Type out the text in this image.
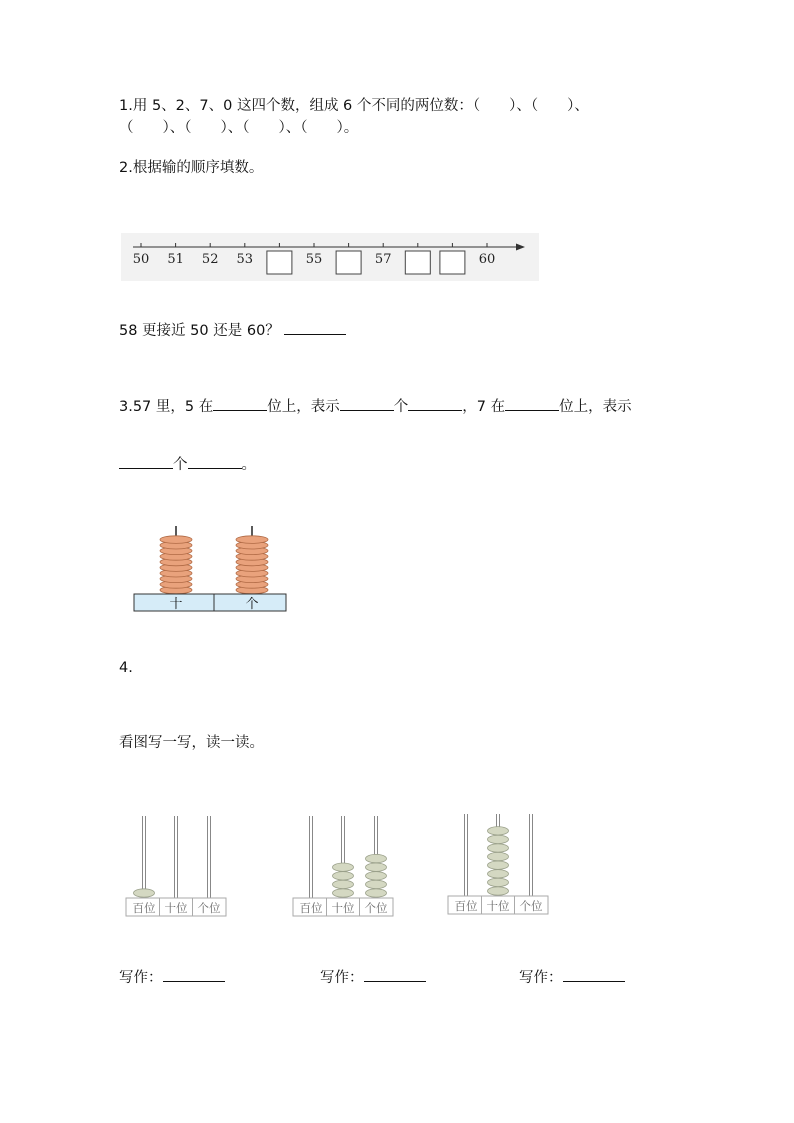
1.用 5、2、7、0 这四个数，组成 6 个不同的两位数：（　　）、（　　）、
（　　）、（　　）、（　　）、（　　）。
2.根据输的顺序填数。
50 51 52 53	55	57	60
58 更接近 50 还是 60？
3.57 里，5 在	位上，表示	个	，7 在	位上，表示
个	。
十	个
4.
看图写一写，读一读。
百位 十位 个位	百位 十位 个位	百位 十位 个位
写作：	写作：	写作：
